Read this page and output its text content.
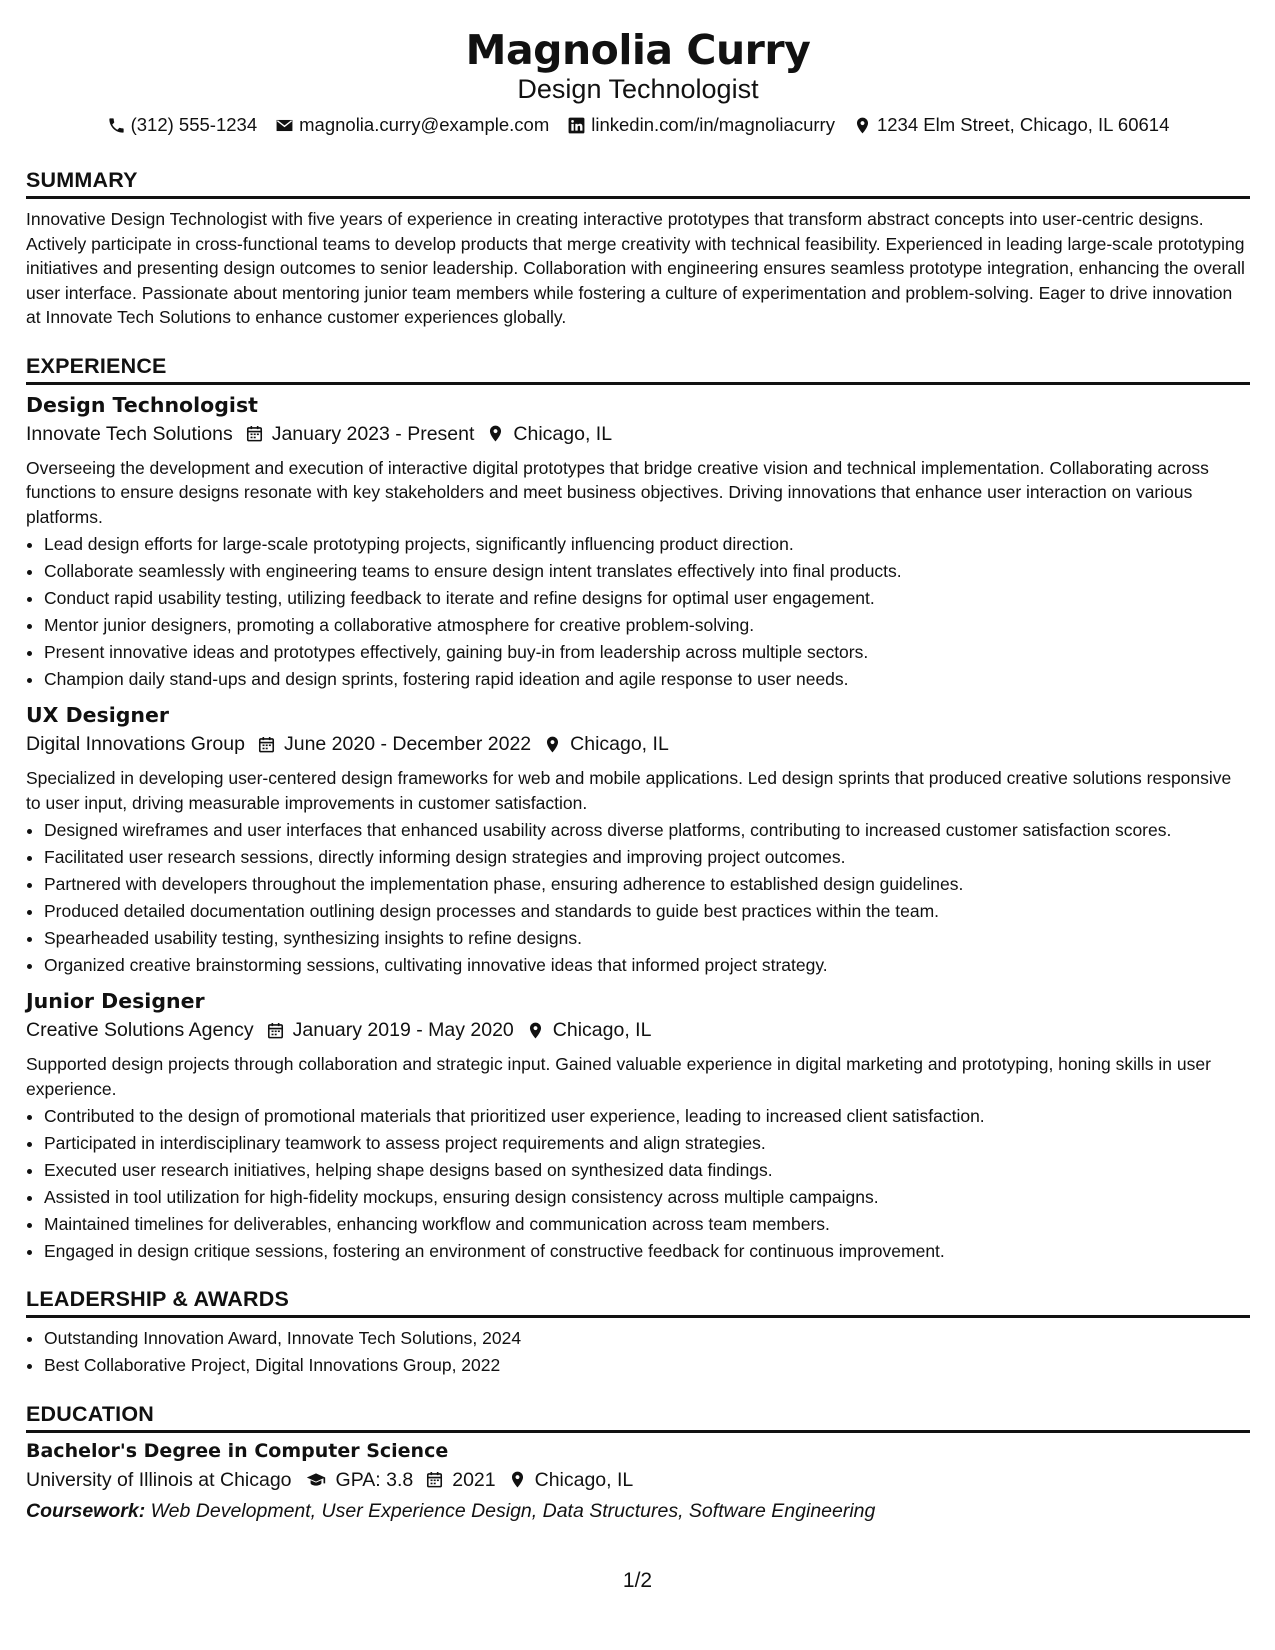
Magnolia Curry
Design Technologist
(312) 555-1234 magnolia.curry@example.com linkedin.com/in/magnoliacurry 1234 Elm Street, Chicago, IL 60614
SUMMARY
Innovative Design Technologist with five years of experience in creating interactive prototypes that transform abstract concepts into user-centric designs. Actively participate in cross-functional teams to develop products that merge creativity with technical feasibility. Experienced in leading large-scale prototyping initiatives and presenting design outcomes to senior leadership. Collaboration with engineering ensures seamless prototype integration, enhancing the overall user interface. Passionate about mentoring junior team members while fostering a culture of experimentation and problem-solving. Eager to drive innovation at Innovate Tech Solutions to enhance customer experiences globally.
EXPERIENCE
Design Technologist
Innovate Tech Solutions January 2023 - Present Chicago, IL
Overseeing the development and execution of interactive digital prototypes that bridge creative vision and technical implementation. Collaborating across functions to ensure designs resonate with key stakeholders and meet business objectives. Driving innovations that enhance user interaction on various platforms.
• Lead design efforts for large-scale prototyping projects, significantly influencing product direction.
• Collaborate seamlessly with engineering teams to ensure design intent translates effectively into final products.
• Conduct rapid usability testing, utilizing feedback to iterate and refine designs for optimal user engagement.
• Mentor junior designers, promoting a collaborative atmosphere for creative problem-solving.
• Present innovative ideas and prototypes effectively, gaining buy-in from leadership across multiple sectors.
• Champion daily stand-ups and design sprints, fostering rapid ideation and agile response to user needs.
UX Designer
Digital Innovations Group June 2020 - December 2022 Chicago, IL
Specialized in developing user-centered design frameworks for web and mobile applications. Led design sprints that produced creative solutions responsive to user input, driving measurable improvements in customer satisfaction.
• Designed wireframes and user interfaces that enhanced usability across diverse platforms, contributing to increased customer satisfaction scores.
• Facilitated user research sessions, directly informing design strategies and improving project outcomes.
• Partnered with developers throughout the implementation phase, ensuring adherence to established design guidelines.
• Produced detailed documentation outlining design processes and standards to guide best practices within the team.
• Spearheaded usability testing, synthesizing insights to refine designs.
• Organized creative brainstorming sessions, cultivating innovative ideas that informed project strategy.
Junior Designer
Creative Solutions Agency January 2019 - May 2020 Chicago, IL
Supported design projects through collaboration and strategic input. Gained valuable experience in digital marketing and prototyping, honing skills in user experience.
• Contributed to the design of promotional materials that prioritized user experience, leading to increased client satisfaction.
• Participated in interdisciplinary teamwork to assess project requirements and align strategies.
• Executed user research initiatives, helping shape designs based on synthesized data findings.
• Assisted in tool utilization for high-fidelity mockups, ensuring design consistency across multiple campaigns.
• Maintained timelines for deliverables, enhancing workflow and communication across team members.
• Engaged in design critique sessions, fostering an environment of constructive feedback for continuous improvement.
LEADERSHIP & AWARDS
• Outstanding Innovation Award, Innovate Tech Solutions, 2024
• Best Collaborative Project, Digital Innovations Group, 2022
EDUCATION
Bachelor's Degree in Computer Science
University of Illinois at Chicago GPA: 3.8 2021 Chicago, IL
Coursework: Web Development, User Experience Design, Data Structures, Software Engineering
1/2
